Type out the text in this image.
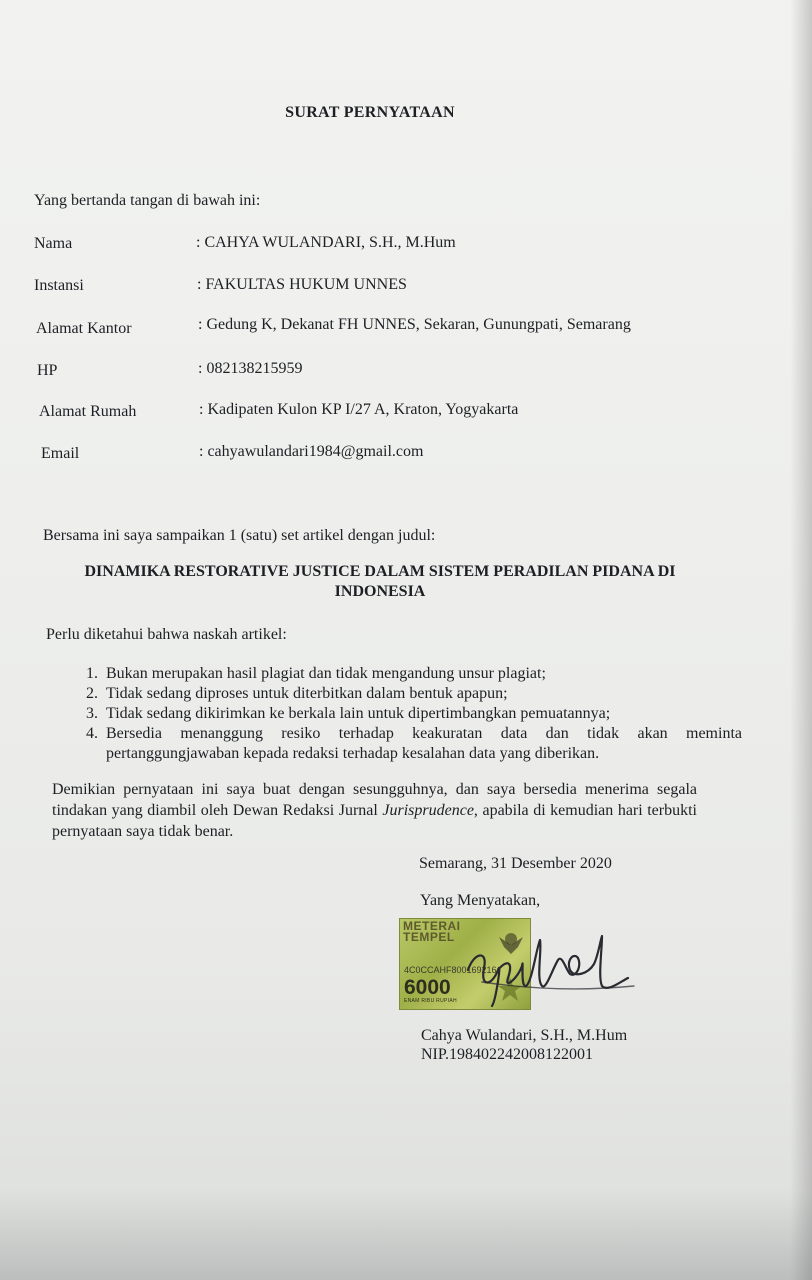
SURAT PERNYATAAN
Yang bertanda tangan di bawah ini:
Nama	: CAHYA WULANDARI, S.H., M.Hum
Instansi	: FAKULTAS HUKUM UNNES
Alamat Kantor	: Gedung K, Dekanat FH UNNES, Sekaran, Gunungpati, Semarang
HP	: 082138215959
Alamat Rumah	: Kadipaten Kulon KP I/27 A, Kraton, Yogyakarta
Email	: cahyawulandari1984@gmail.com
Bersama ini saya sampaikan 1 (satu) set artikel dengan judul:
DINAMIKA RESTORATIVE JUSTICE DALAM SISTEM PERADILAN PIDANA DI INDONESIA
Perlu diketahui bahwa naskah artikel:
1. Bukan merupakan hasil plagiat dan tidak mengandung unsur plagiat;
2. Tidak sedang diproses untuk diterbitkan dalam bentuk apapun;
3. Tidak sedang dikirimkan ke berkala lain untuk dipertimbangkan pemuatannya;
4. Bersedia menanggung resiko terhadap keakuratan data dan tidak akan meminta pertanggungjawaban kepada redaksi terhadap kesalahan data yang diberikan.
Demikian pernyataan ini saya buat dengan sesungguhnya, dan saya bersedia menerima segala tindakan yang diambil oleh Dewan Redaksi Jurnal Jurisprudence, apabila di kemudian hari terbukti pernyataan saya tidak benar.
Semarang, 31 Desember 2020
Yang Menyatakan,
METERAI
TEMPEL
4C0CCAHF800169216
6000
ENAM RIBU RUPIAH
Cahya Wulandari, S.H., M.Hum
NIP.198402242008122001
